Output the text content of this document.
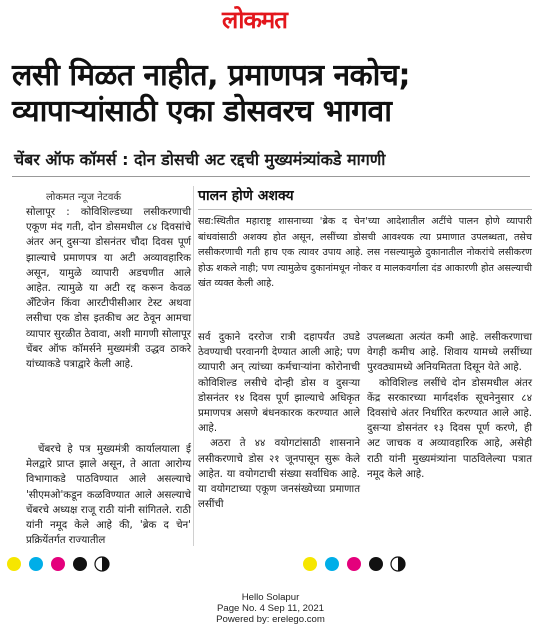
लोकमत
लसी मिळत नाहीत, प्रमाणपत्र नकोच;
व्यापाऱ्यांसाठी एका डोसवरच भागवा
चेंबर ऑफ कॉमर्स : दोन डोसची अट रद्दची मुख्यमंत्र्यांकडे मागणी
लोकमत न्यूज नेटवर्क

सोलापूर : कोविशिल्डच्या लसीकरणाची एकूण मंद गती, दोन डोसमधील ८४ दिवसांचे अंतर अन् दुसऱ्या डोसनंतर चौदा दिवस पूर्ण झाल्याचे प्रमाणपत्र या अटी अव्यावहारिक असून, यामुळे व्यापारी अडचणीत आले आहेत. त्यामुळे या अटी रद्द करून केवळ अँटिजेन किंवा आरटीपीसीआर टेस्ट अथवा लसीचा एक डोस इतकीच अट ठेवून आमचा व्यापार सुरळीत ठेवावा, अशी मागणी सोलापूर चेंबर ऑफ कॉमर्सने मुख्यमंत्री उद्धव ठाकरे यांच्याकडे पत्राद्वारे केली आहे.

चेंबरचे हे पत्र मुख्यमंत्री कार्यालयाला ई मेलद्वारे प्राप्त झाले असून, ते आता आरोग्य विभागाकडे पाठविण्यात आले असल्याचे 'सीएमओ'कडून कळविण्यात आले असल्याचे चेंबरचे अध्यक्ष राजू राठी यांनी सांगितले. राठी यांनी नमूद केले आहे की, 'ब्रेक द चेन' प्रक्रियेंतर्गत राज्यातील

पालन होणे अशक्य
सद्य:स्थितीत महाराष्ट्र शासनाच्या 'ब्रेक द चेन'च्या आदेशातील अटींचे पालन होणे व्यापारी बांधवांसाठी अशक्य होत असून, लसींच्या डोसची आवश्यक त्या प्रमाणात उपलब्धता, तसेच लसीकरणाची गती हाच एक त्यावर उपाय आहे. लस नसल्यामुळे दुकानातील नोकरांचे लसीकरण होऊ शकले नाही; पण त्यामुळेच दुकानांमधून नोकर व मालकवर्गाला दंड आकारणी होत असल्याची खंत व्यक्त केली आहे.

सर्व दुकाने दररोज रात्री दहापर्यंत उघडे ठेवण्याची परवानगी देण्यात आली आहे; पण व्यापारी अन् त्यांच्या कर्मचाऱ्यांना कोरोनाची कोविशिल्ड लसीचे दोन्ही डोस व दुसऱ्या डोसनंतर १४ दिवस पूर्ण झाल्याचे अधिकृत प्रमाणपत्र असणे बंधनकारक करण्यात आले आहे.

अठरा ते ४४ वयोगटांसाठी शासनाने लसीकरणाचे डोस २१ जूनपासून सुरू केले आहेत. या वयोगटाची संख्या सर्वाधिक आहे. या वयोगटाच्या एकूण जनसंख्येच्या प्रमाणात लसींची

उपलब्धता अत्यंत कमी आहे. लसीकरणाचा वेगही कमीच आहे. शिवाय यामध्ये लसींच्या पुरवठ्यामध्ये अनियमितता दिसून येते आहे.

कोविशिल्ड लसींचे दोन डोसमधील अंतर केंद्र सरकारच्या मार्गदर्शक सूचनेनुसार ८४ दिवसांचे अंतर निर्धारित करण्यात आले आहे. दुसऱ्या डोसनंतर १३ दिवस पूर्ण करणे, ही अट जाचक व अव्यावहारिक आहे, असेही राठी यांनी मुख्यमंत्र्यांना पाठविलेल्या पत्रात नमूद केले आहे.

Hello Solapur
Page No. 4 Sep 11, 2021
Powered by: erelego.com
